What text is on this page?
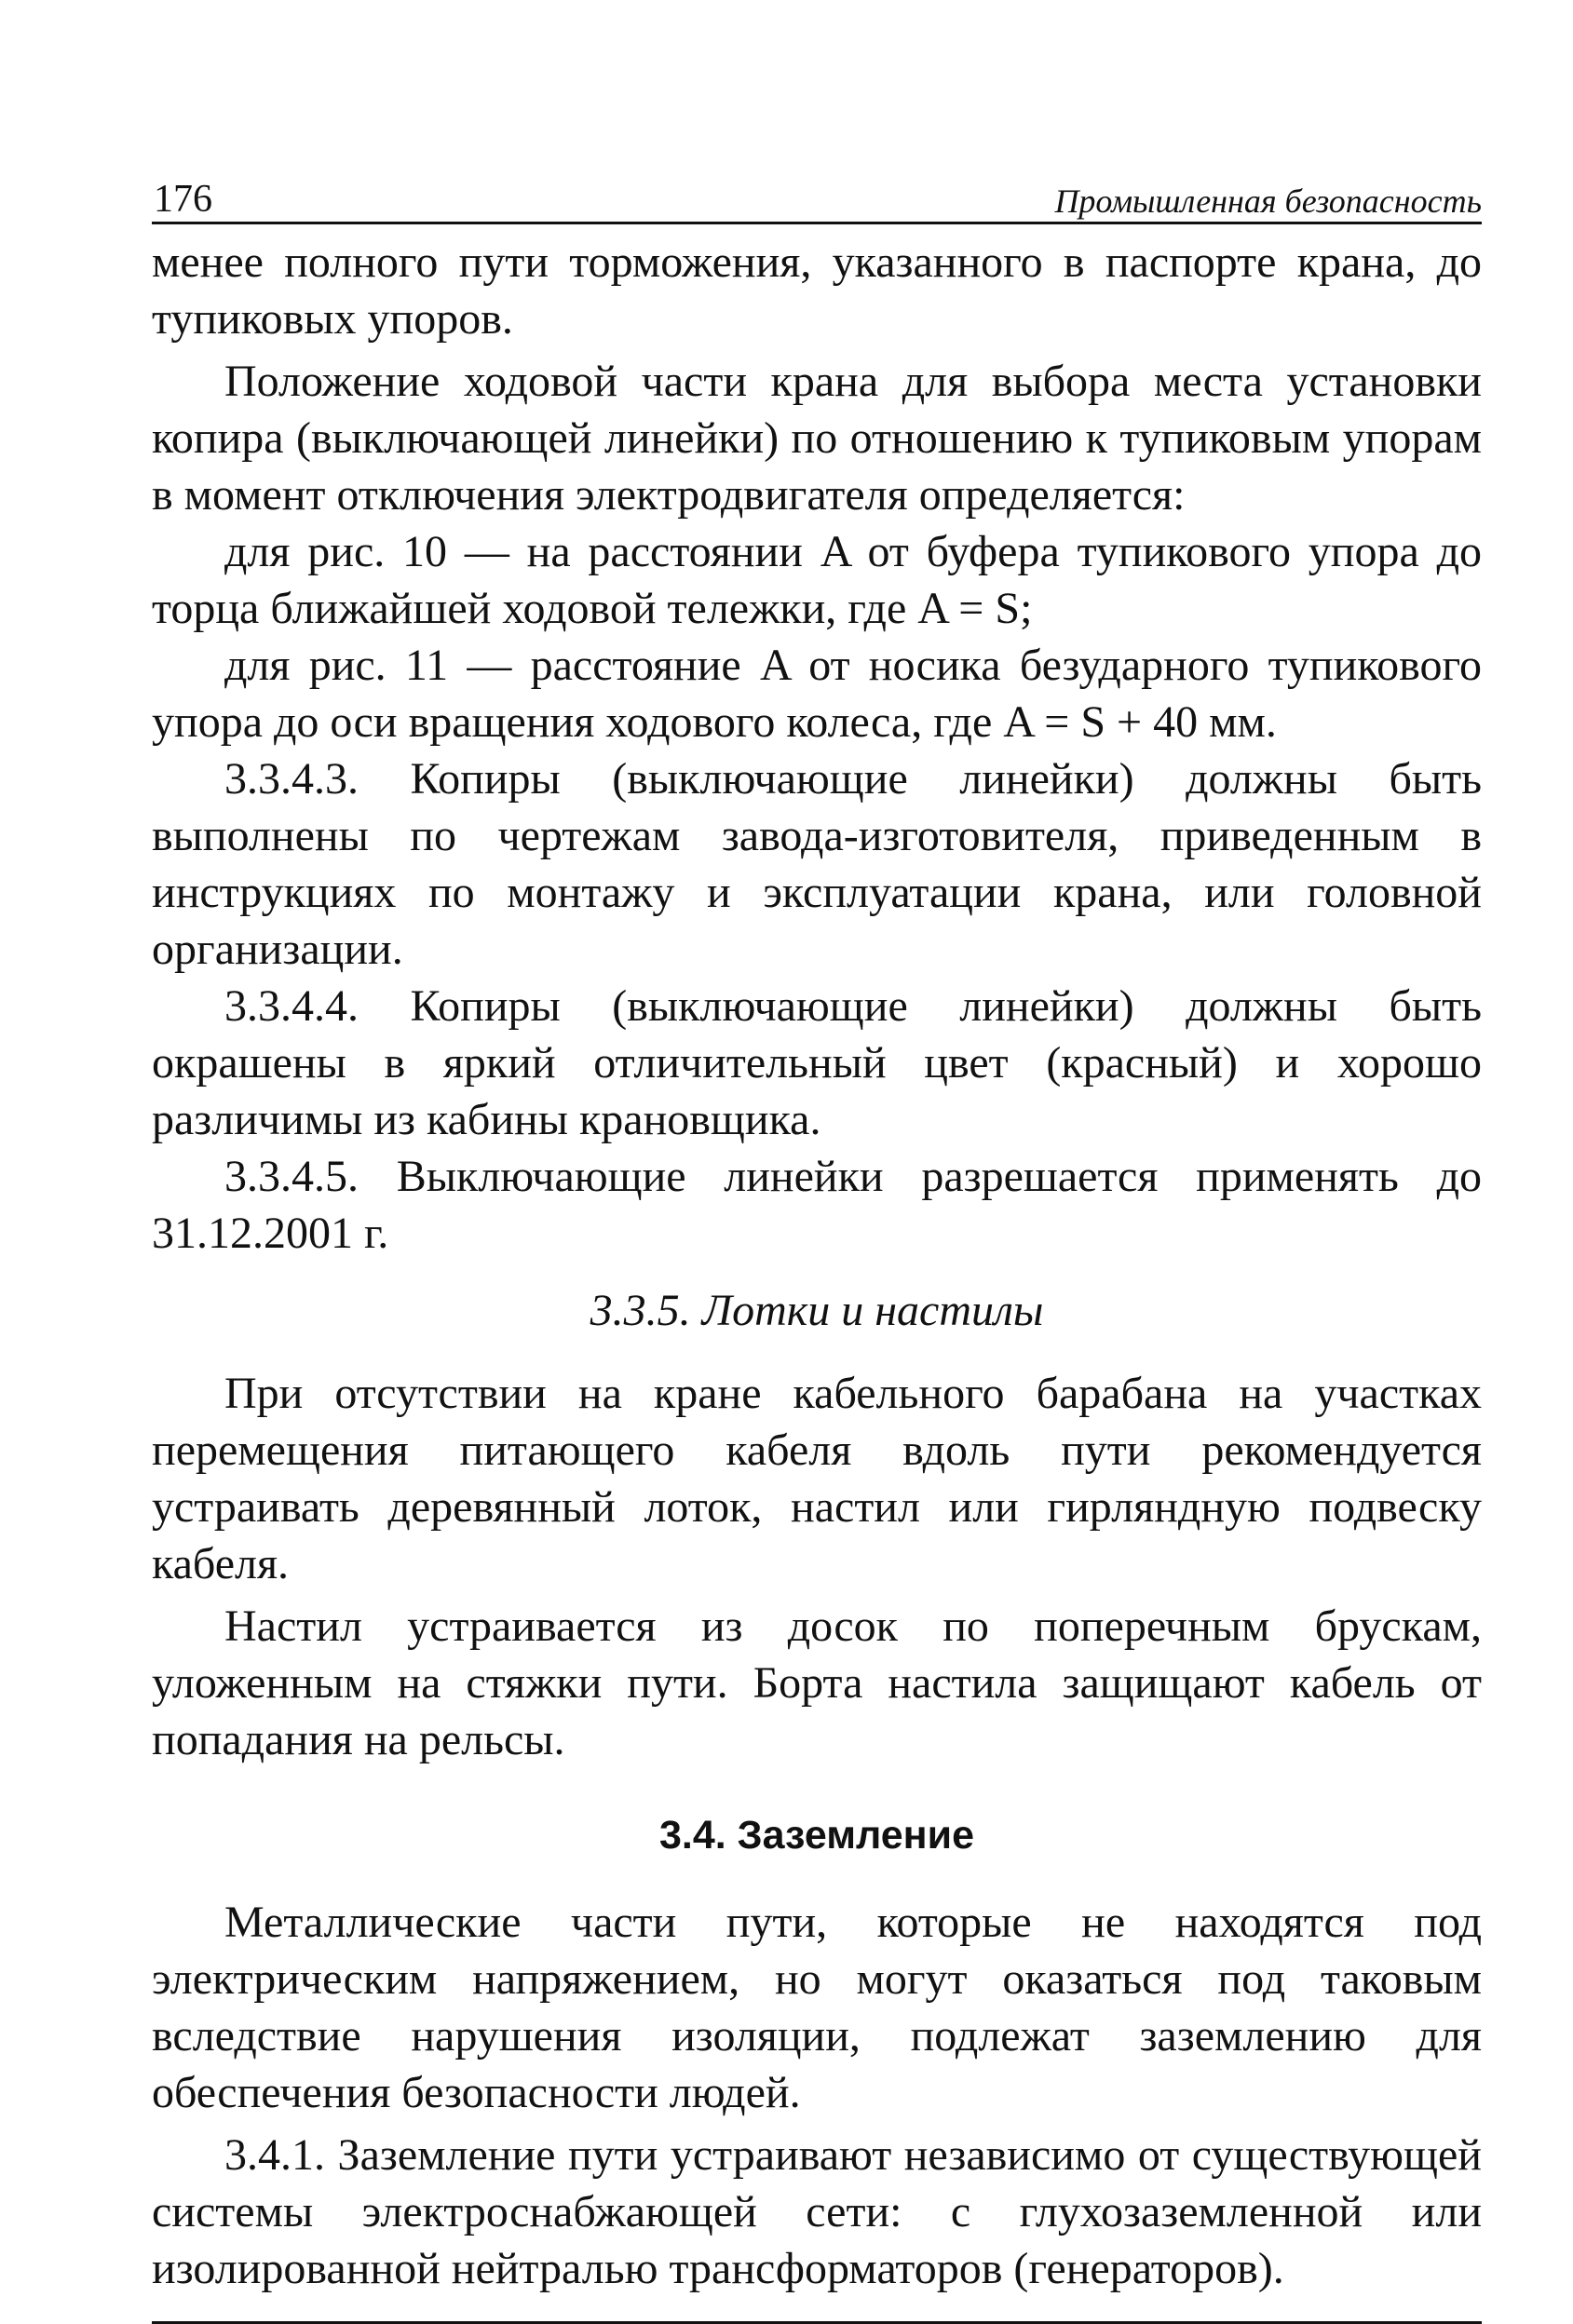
176	Промышленная безопасность

менее полного пути торможения, указанного в паспорте крана, до тупиковых упоров.

Положение ходовой части крана для выбора места установки копира (выключающей линейки) по отношению к тупиковым упорам в момент отключения электродвигателя определяется:

для рис. 10 — на расстоянии A от буфера тупикового упора до торца ближайшей ходовой тележки, где A = S;

для рис. 11 — расстояние A от носика безударного тупикового упора до оси вращения ходового колеса, где A = S + 40 мм.

3.3.4.3. Копиры (выключающие линейки) должны быть выполнены по чертежам завода-изготовителя, приведенным в инструкциях по монтажу и эксплуатации крана, или головной организации.

3.3.4.4. Копиры (выключающие линейки) должны быть окрашены в яркий отличительный цвет (красный) и хорошо различимы из кабины крановщика.

3.3.4.5. Выключающие линейки разрешается применять до 31.12.2001 г.

3.3.5. Лотки и настилы

При отсутствии на кране кабельного барабана на участках перемещения питающего кабеля вдоль пути рекомендуется устраивать деревянный лоток, настил или гирляндную подвеску кабеля.

Настил устраивается из досок по поперечным брускам, уложенным на стяжки пути. Борта настила защищают кабель от попадания на рельсы.

3.4. Заземление

Металлические части пути, которые не находятся под электрическим напряжением, но могут оказаться под таковым вследствие нарушения изоляции, подлежат заземлению для обеспечения безопасности людей.

3.4.1. Заземление пути устраивают независимо от существующей системы электроснабжающей сети: с глухозаземленной или изолированной нейтралью трансформаторов (генераторов).
